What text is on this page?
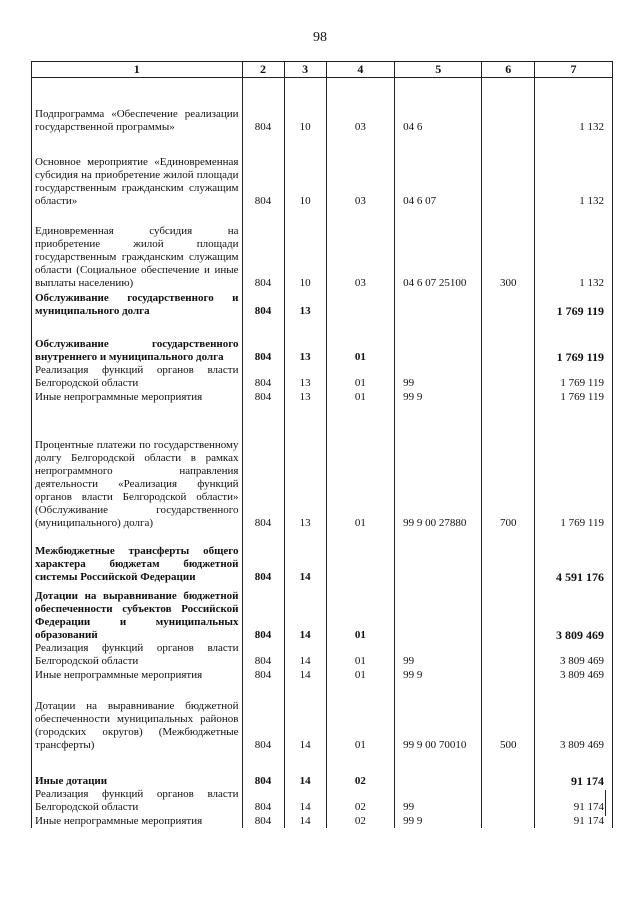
98
1	2	3	4	5	6	7
Подпрограмма «Обеспечение реализации государственной программы»	804	10	03	04 6		1 132
Основное мероприятие «Единовременная субсидия на приобретение жилой площади государственным гражданским служащим области»	804	10	03	04 6 07		1 132
Единовременная субсидия на приобретение жилой площади государственным гражданским служащим области (Социальное обеспечение и иные выплаты населению)	804	10	03	04 6 07 25100	300	1 132
Обслуживание государственного и муниципального долга	804	13				1 769 119
Обслуживание государственного внутреннего и муниципального долга	804	13	01			1 769 119
Реализация функций органов власти Белгородской области	804	13	01	99		1 769 119
Иные непрограммные мероприятия	804	13	01	99 9		1 769 119
Процентные платежи по государственному долгу Белгородской области в рамках непрограммного направления деятельности «Реализация функций органов власти Белгородской области» (Обслуживание государственного (муниципального) долга)	804	13	01	99 9 00 27880	700	1 769 119
Межбюджетные трансферты общего характера бюджетам бюджетной системы Российской Федерации	804	14				4 591 176
Дотации на выравнивание бюджетной обеспеченности субъектов Российской Федерации и муниципальных образований	804	14	01			3 809 469
Реализация функций органов власти Белгородской области	804	14	01	99		3 809 469
Иные непрограммные мероприятия	804	14	01	99 9		3 809 469
Дотации на выравнивание бюджетной обеспеченности муниципальных районов (городских округов) (Межбюджетные трансферты)	804	14	01	99 9 00 70010	500	3 809 469
Иные дотации	804	14	02			91 174
Реализация функций органов власти Белгородской области	804	14	02	99		91 174
Иные непрограммные мероприятия	804	14	02	99 9		91 174
